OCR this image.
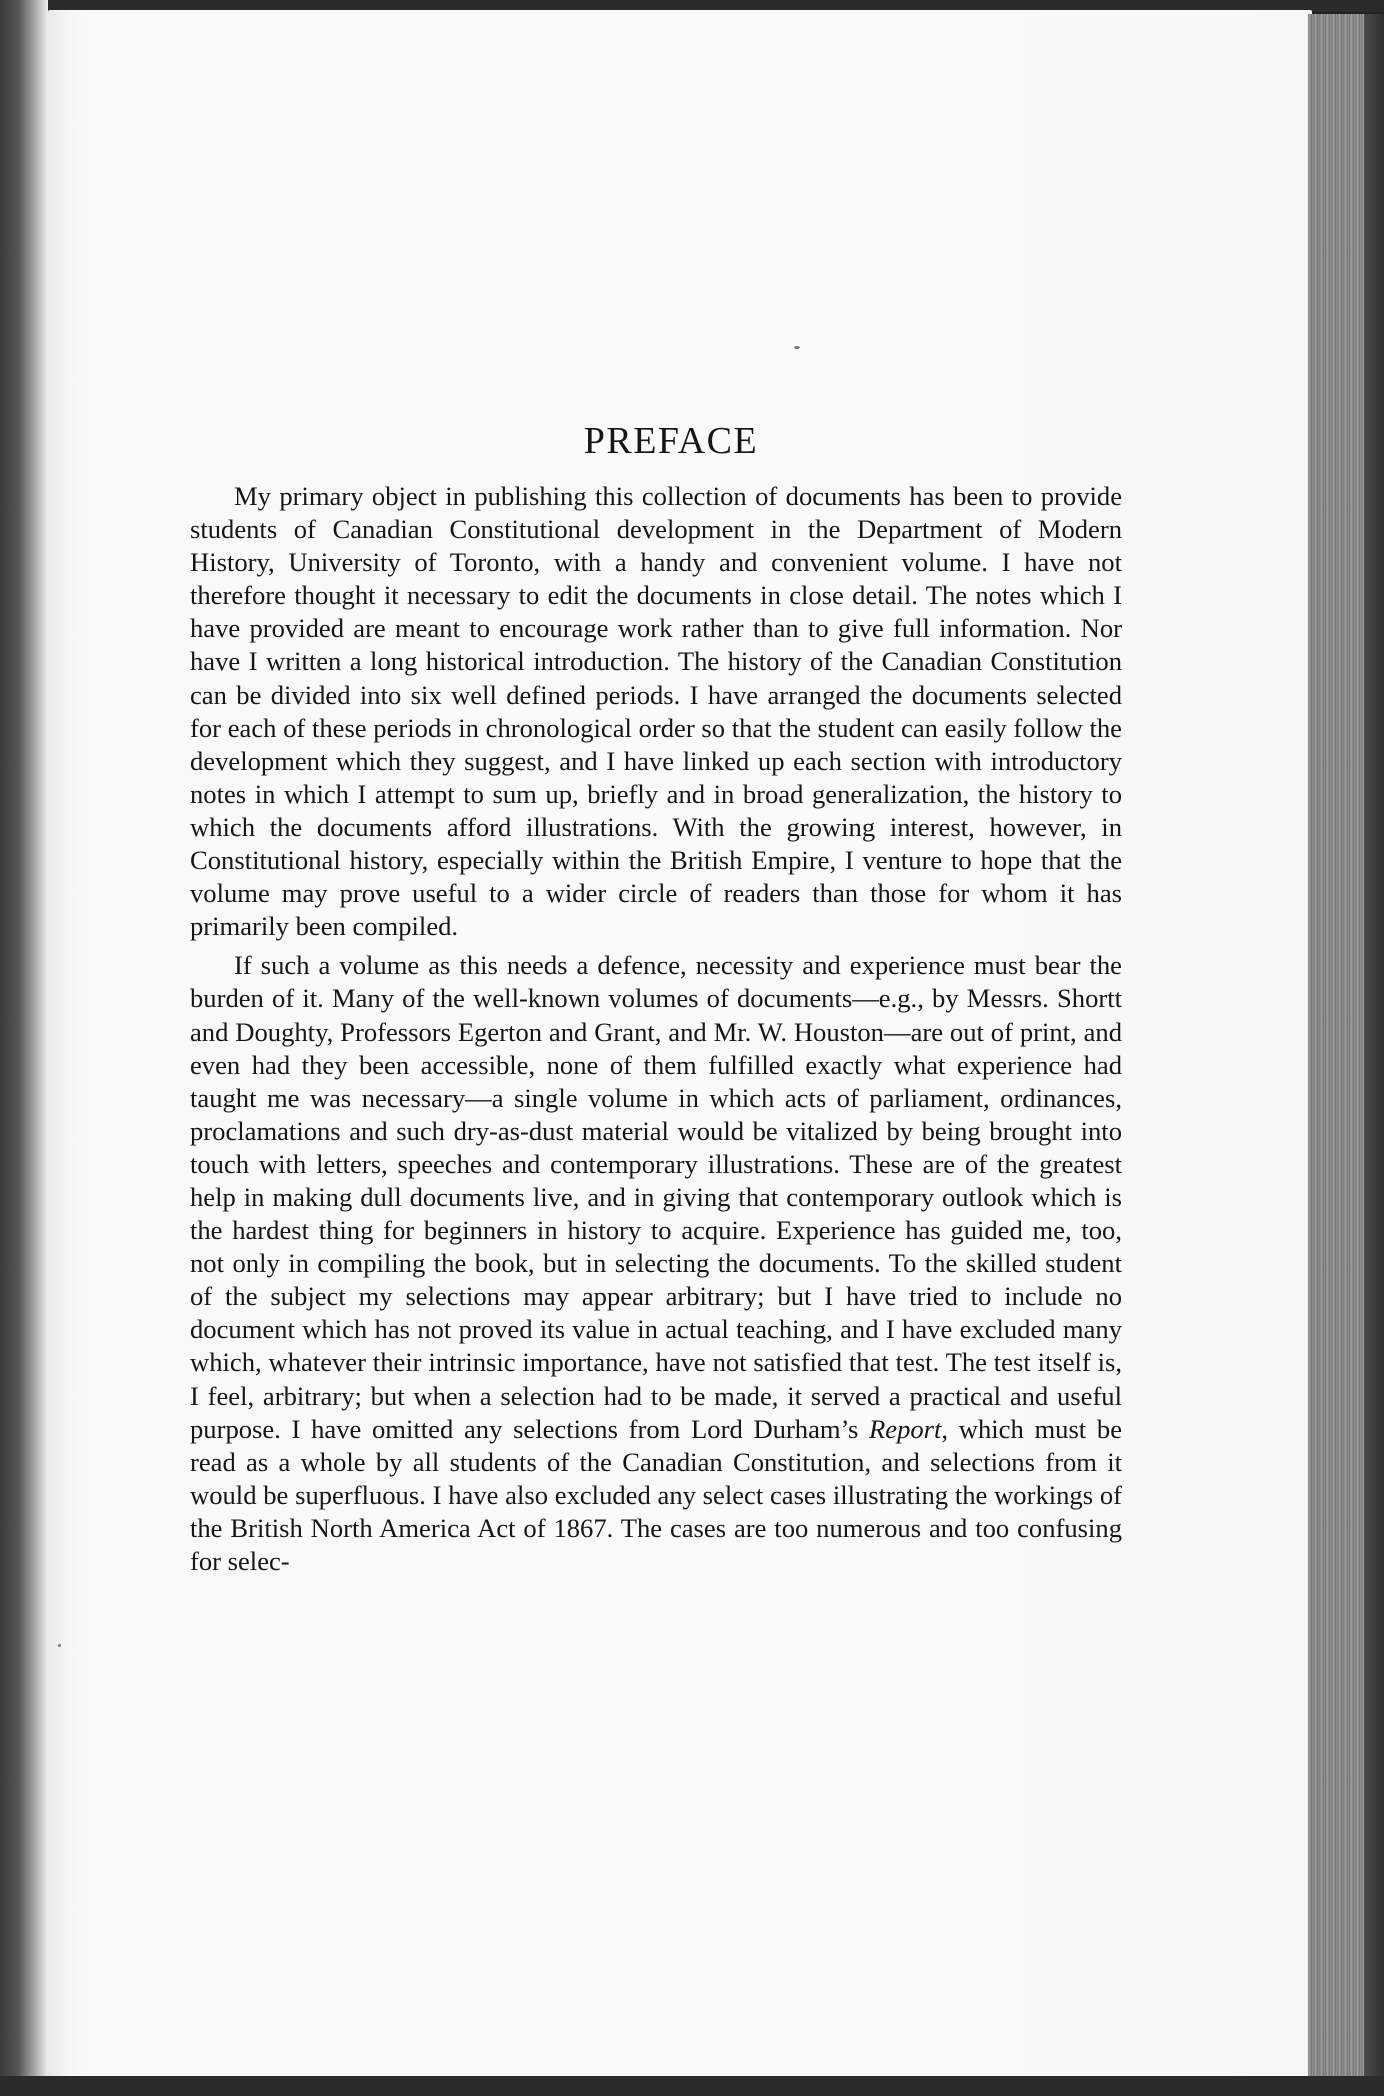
PREFACE

My primary object in publishing this collection of documents has been to provide students of Canadian Constitutional development in the Department of Modern History, University of Toronto, with a handy and convenient volume. I have not therefore thought it necessary to edit the documents in close detail. The notes which I have provided are meant to encourage work rather than to give full information. Nor have I written a long historical introduction. The history of the Canadian Constitution can be divided into six well defined periods. I have arranged the documents selected for each of these periods in chronological order so that the student can easily follow the development which they suggest, and I have linked up each section with introductory notes in which I attempt to sum up, briefly and in broad generalization, the history to which the documents afford illustrations. With the growing interest, however, in Constitutional history, especially within the British Empire, I venture to hope that the volume may prove useful to a wider circle of readers than those for whom it has primarily been compiled.

If such a volume as this needs a defence, necessity and experience must bear the burden of it. Many of the well-known volumes of documents—e.g., by Messrs. Shortt and Doughty, Professors Egerton and Grant, and Mr. W. Houston—are out of print, and even had they been accessible, none of them fulfilled exactly what experience had taught me was necessary—a single volume in which acts of parliament, ordinances, proclamations and such dry-as-dust material would be vitalized by being brought into touch with letters, speeches and contemporary illustrations. These are of the greatest help in making dull documents live, and in giving that contemporary outlook which is the hardest thing for beginners in history to acquire. Experience has guided me, too, not only in compiling the book, but in selecting the documents. To the skilled student of the subject my selections may appear arbitrary; but I have tried to include no document which has not proved its value in actual teaching, and I have excluded many which, whatever their intrinsic importance, have not satisfied that test. The test itself is, I feel, arbitrary; but when a selection had to be made, it served a practical and useful purpose. I have omitted any selections from Lord Durham’s Report, which must be read as a whole by all students of the Canadian Constitution, and selections from it would be superfluous. I have also excluded any select cases illustrating the workings of the British North America Act of 1867. The cases are too numerous and too confusing for selec-
